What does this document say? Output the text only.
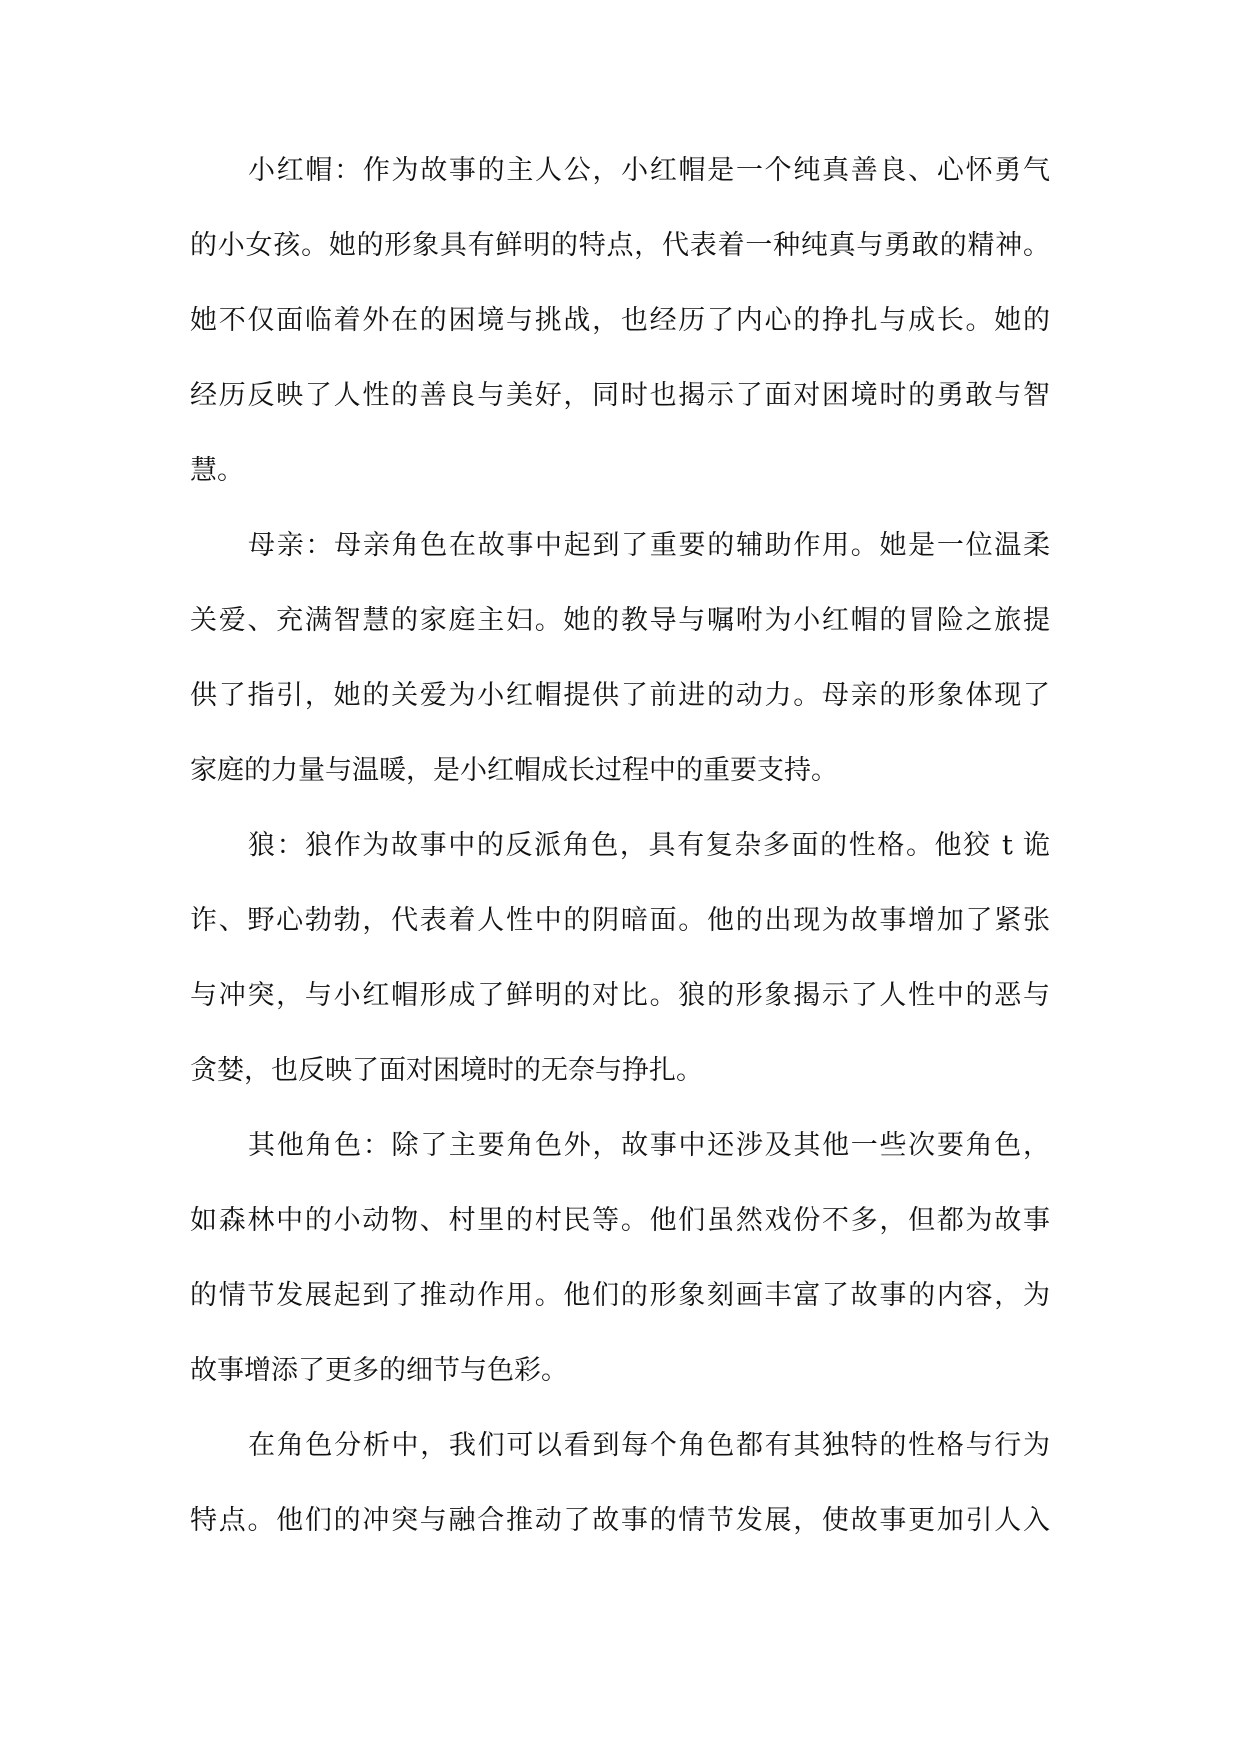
小红帽：作为故事的主人公，小红帽是一个纯真善良、心怀勇气
的小女孩。她的形象具有鲜明的特点，代表着一种纯真与勇敢的精神。
她不仅面临着外在的困境与挑战，也经历了内心的挣扎与成长。她的
经历反映了人性的善良与美好，同时也揭示了面对困境时的勇敢与智
慧。
母亲：母亲角色在故事中起到了重要的辅助作用。她是一位温柔
关爱、充满智慧的家庭主妇。她的教导与嘱咐为小红帽的冒险之旅提
供了指引，她的关爱为小红帽提供了前进的动力。母亲的形象体现了
家庭的力量与温暖，是小红帽成长过程中的重要支持。
狼：狼作为故事中的反派角色，具有复杂多面的性格。他狡 t 诡
诈、野心勃勃，代表着人性中的阴暗面。他的出现为故事增加了紧张
与冲突，与小红帽形成了鲜明的对比。狼的形象揭示了人性中的恶与
贪婪，也反映了面对困境时的无奈与挣扎。
其他角色：除了主要角色外，故事中还涉及其他一些次要角色，
如森林中的小动物、村里的村民等。他们虽然戏份不多，但都为故事
的情节发展起到了推动作用。他们的形象刻画丰富了故事的内容，为
故事增添了更多的细节与色彩。
在角色分析中，我们可以看到每个角色都有其独特的性格与行为
特点。他们的冲突与融合推动了故事的情节发展，使故事更加引人入
